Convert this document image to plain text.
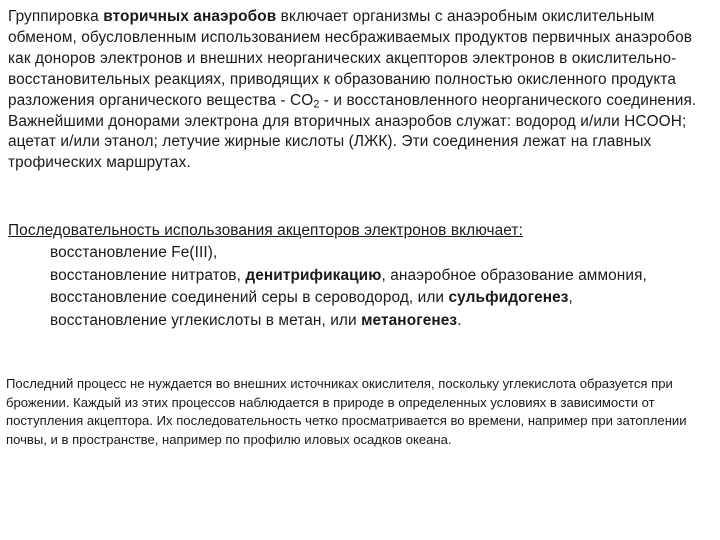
Группировка вторичных анаэробов включает организмы с анаэробным окислительным обменом, обусловленным использованием несбраживаемых продуктов первичных анаэробов как доноров электронов и внешних неорганических акцепторов электронов в окислительно-восстановительных реакциях, приводящих к образованию полностью окисленного продукта разложения органического вещества - $CO_2$ - и восстановленного неорганического соединения.
Важнейшими донорами электрона для вторичных анаэробов служат: водород и/или HCOOH; ацетат и/или этанол; летучие жирные кислоты (ЛЖК). Эти соединения лежат на главных трофических маршрутах.

Последовательность использования акцепторов электронов включает:
восстановление Fe(III),
восстановление нитратов, денитрификацию, анаэробное образование аммония,
восстановление соединений серы в сероводород, или сульфидогенез,
восстановление углекислоты в метан, или метаногенез.

Последний процесс не нуждается во внешних источниках окислителя, поскольку углекислота образуется при брожении. Каждый из этих процессов наблюдается в природе в определенных условиях в зависимости от поступления акцептора. Их последовательность четко просматривается во времени, например при затоплении почвы, и в пространстве, например по профилю иловых осадков океана.
